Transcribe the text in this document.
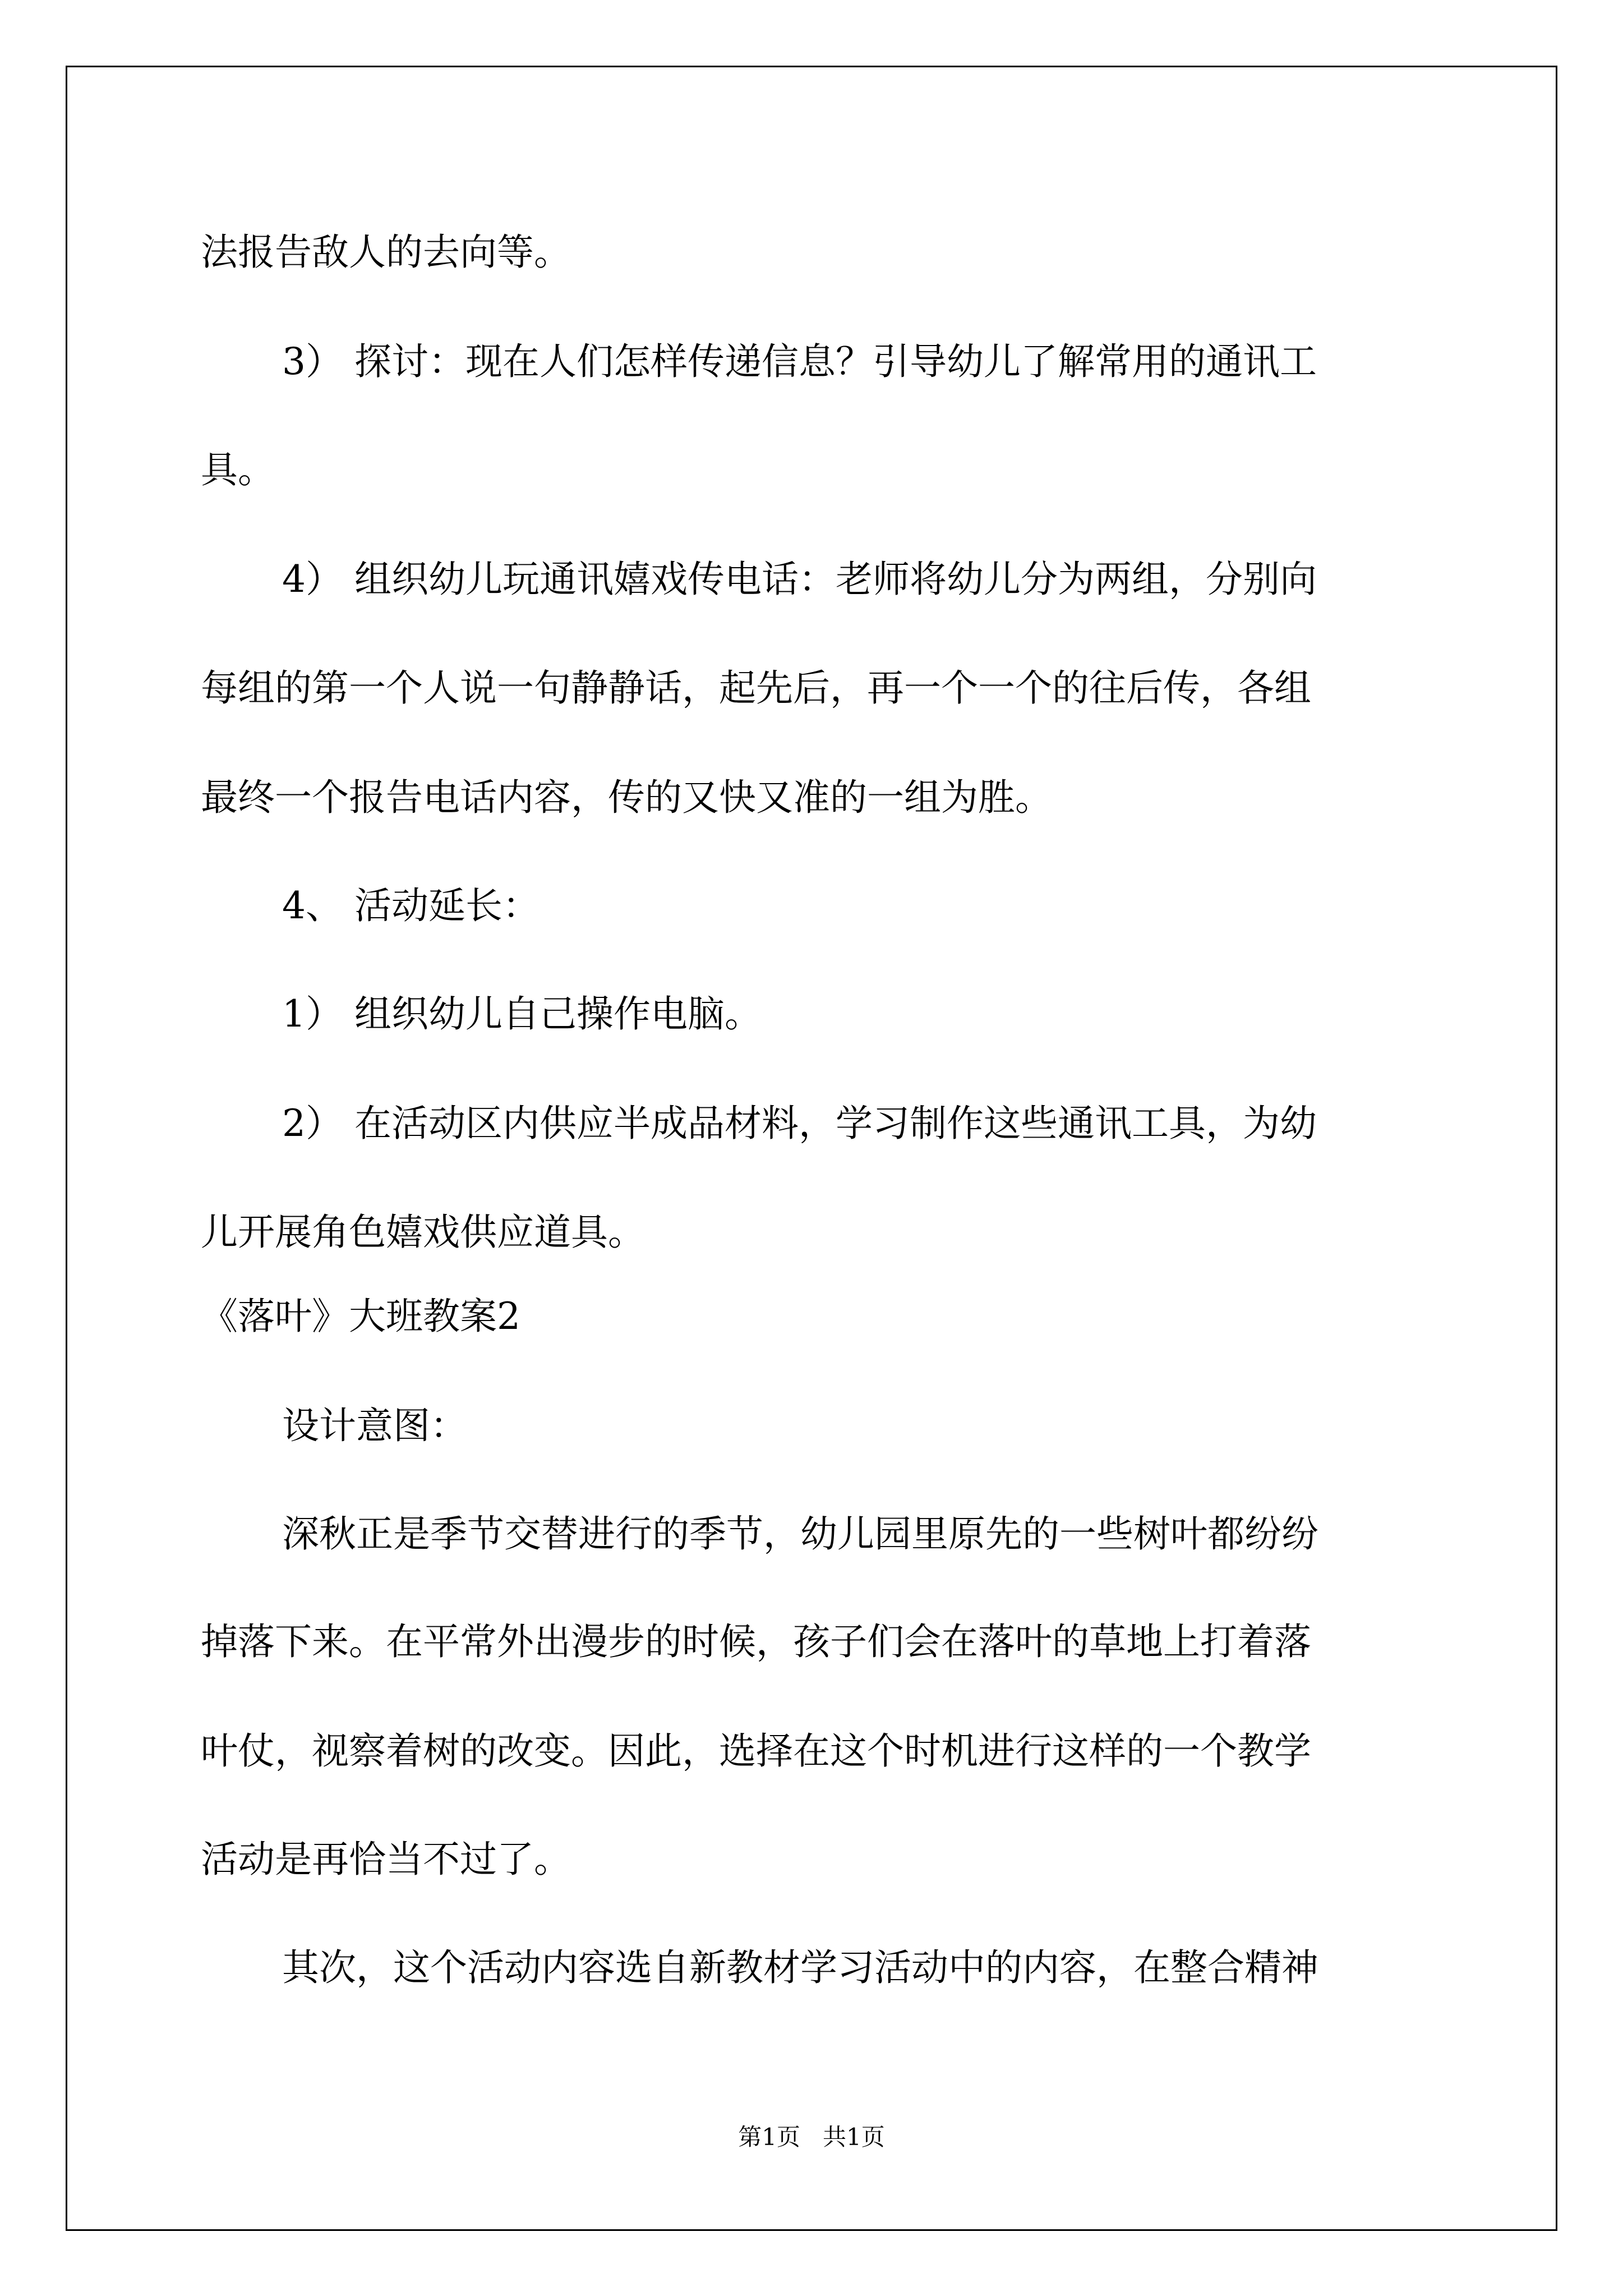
法报告敌人的去向等。
3） 探讨：现在人们怎样传递信息？引导幼儿了解常用的通讯工
具。
4） 组织幼儿玩通讯嬉戏传电话：老师将幼儿分为两组，分别向
每组的第一个人说一句静静话，起先后，再一个一个的往后传，各组
最终一个报告电话内容，传的又快又准的一组为胜。
4、 活动延长：
1） 组织幼儿自己操作电脑。
2） 在活动区内供应半成品材料，学习制作这些通讯工具，为幼
儿开展角色嬉戏供应道具。
《落叶》大班教案2
设计意图：
深秋正是季节交替进行的季节，幼儿园里原先的一些树叶都纷纷
掉落下来。在平常外出漫步的时候，孩子们会在落叶的草地上打着落
叶仗，视察着树的改变。因此，选择在这个时机进行这样的一个教学
活动是再恰当不过了。
其次，这个活动内容选自新教材学习活动中的内容，在整合精神
第1页   共1页
